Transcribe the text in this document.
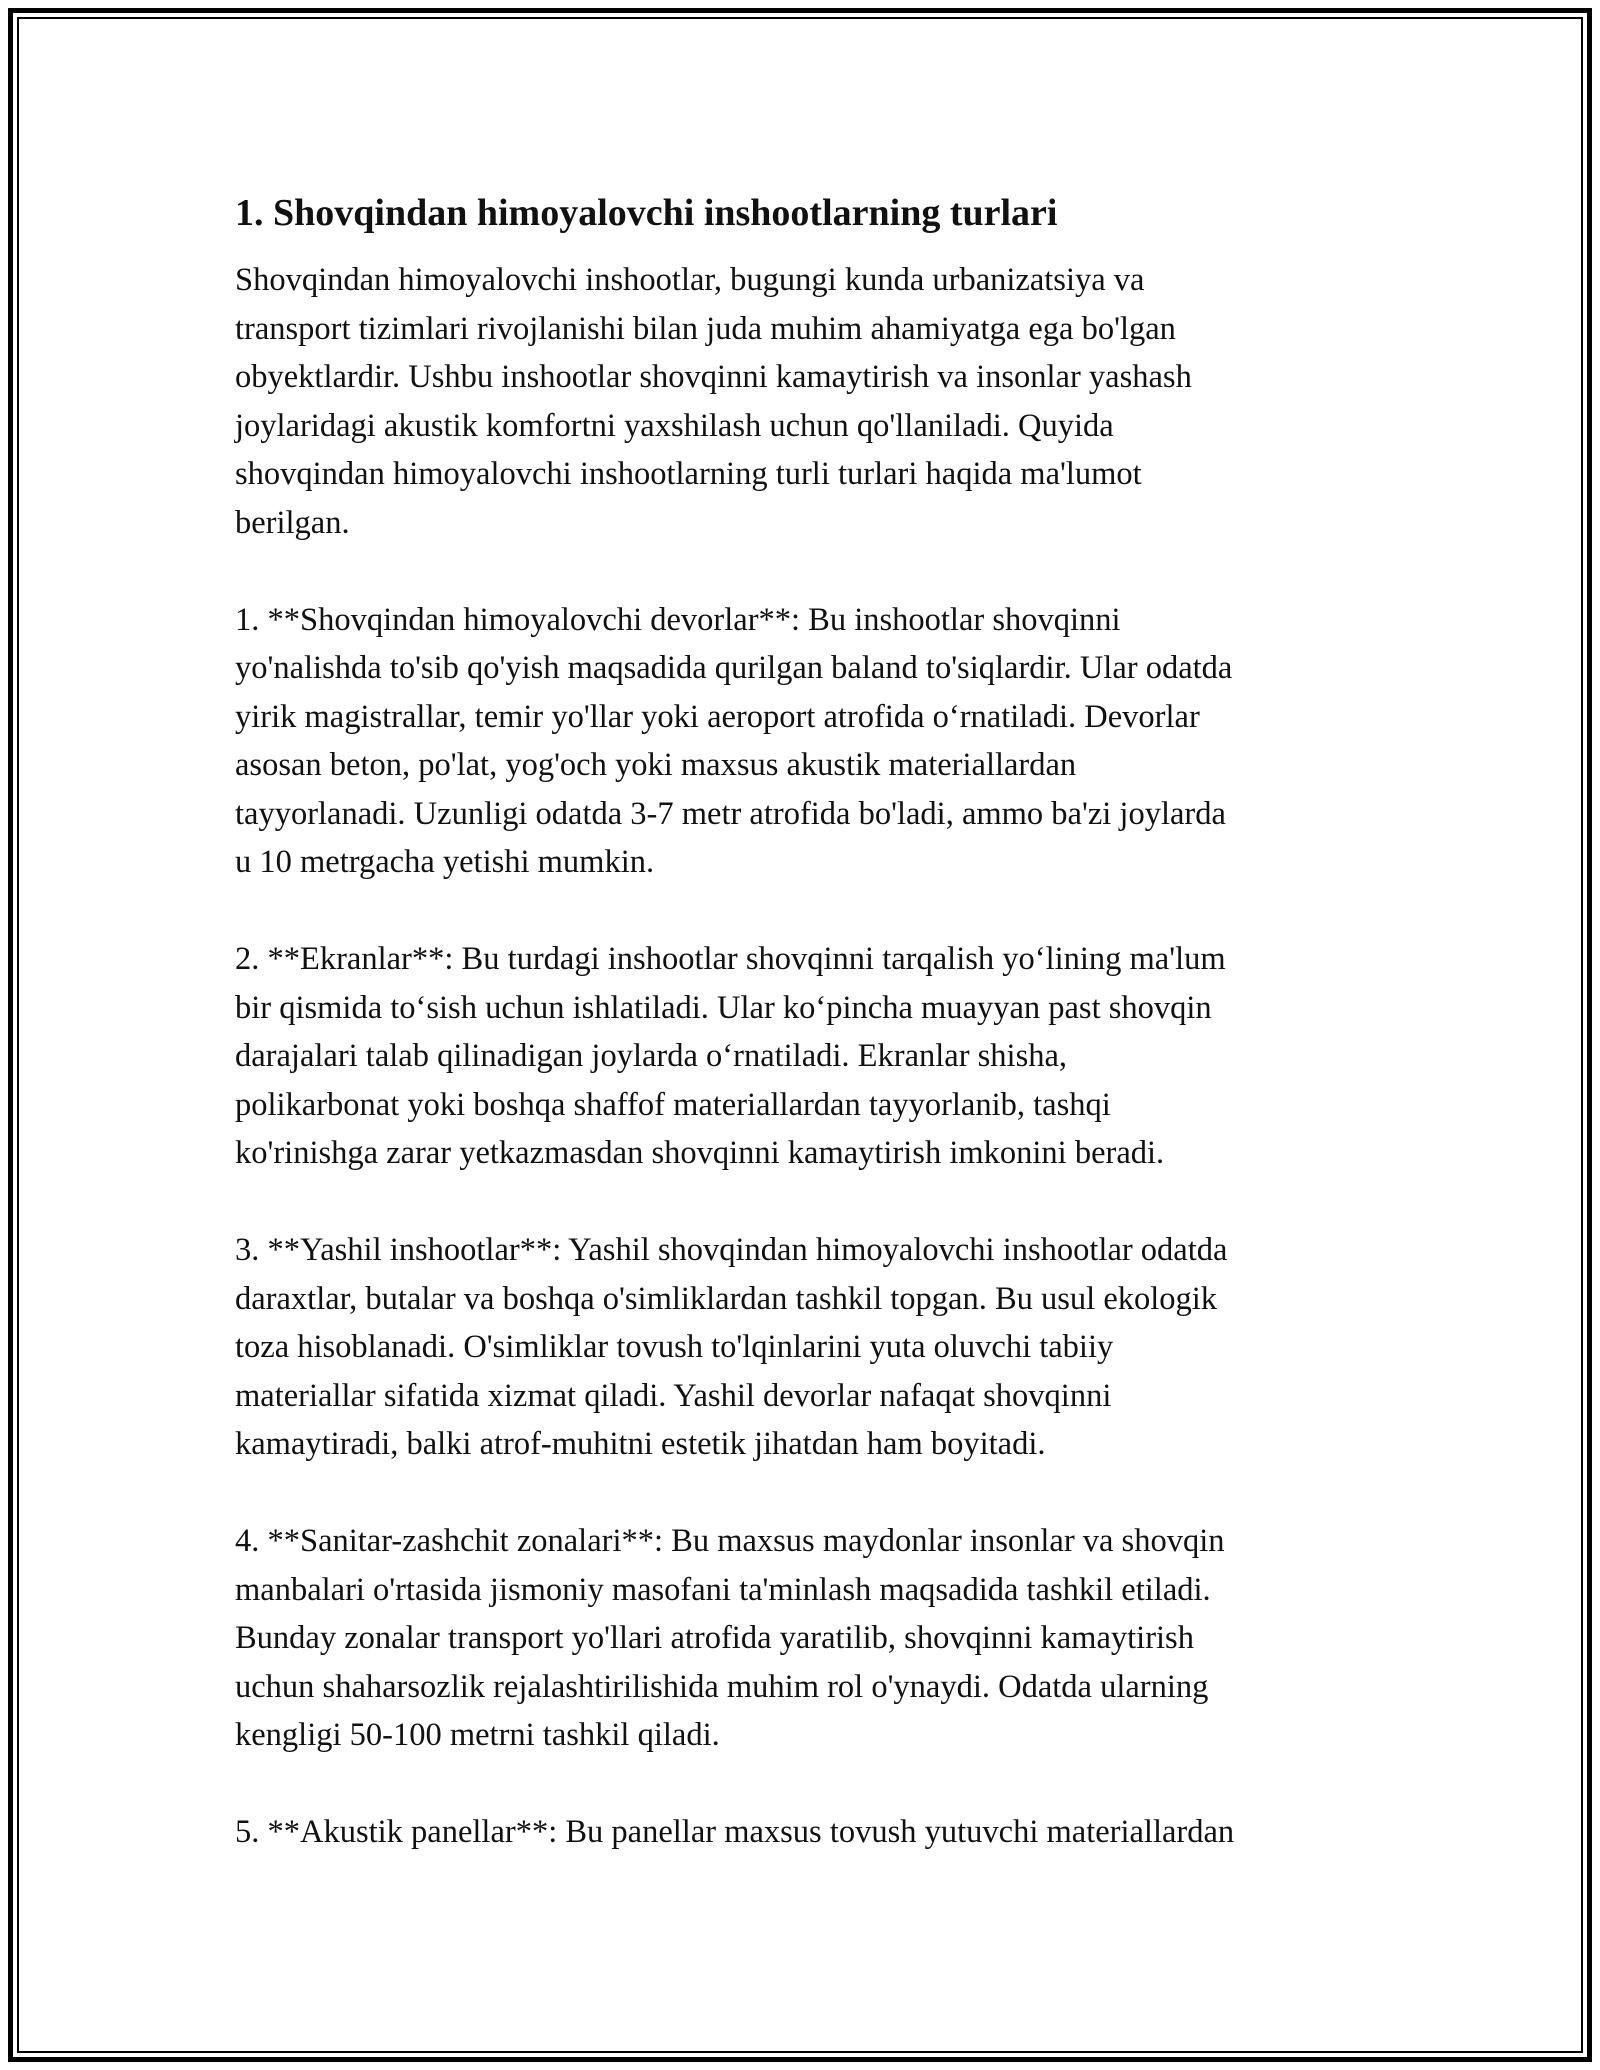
1. Shovqindan himoyalovchi inshootlarning turlari

Shovqindan himoyalovchi inshootlar, bugungi kunda urbanizatsiya va
transport tizimlari rivojlanishi bilan juda muhim ahamiyatga ega bo'lgan
obyektlardir. Ushbu inshootlar shovqinni kamaytirish va insonlar yashash
joylaridagi akustik komfortni yaxshilash uchun qo'llaniladi. Quyida
shovqindan himoyalovchi inshootlarning turli turlari haqida ma'lumot
berilgan.

1. **Shovqindan himoyalovchi devorlar**: Bu inshootlar shovqinni
yo'nalishda to'sib qo'yish maqsadida qurilgan baland to'siqlardir. Ular odatda
yirik magistrallar, temir yo'llar yoki aeroport atrofida o‘rnatiladi. Devorlar
asosan beton, po'lat, yog'och yoki maxsus akustik materiallardan
tayyorlanadi. Uzunligi odatda 3-7 metr atrofida bo'ladi, ammo ba'zi joylarda
u 10 metrgacha yetishi mumkin.

2. **Ekranlar**: Bu turdagi inshootlar shovqinni tarqalish yo‘lining ma'lum
bir qismida to‘sish uchun ishlatiladi. Ular ko‘pincha muayyan past shovqin
darajalari talab qilinadigan joylarda o‘rnatiladi. Ekranlar shisha,
polikarbonat yoki boshqa shaffof materiallardan tayyorlanib, tashqi
ko'rinishga zarar yetkazmasdan shovqinni kamaytirish imkonini beradi.

3. **Yashil inshootlar**: Yashil shovqindan himoyalovchi inshootlar odatda
daraxtlar, butalar va boshqa o'simliklardan tashkil topgan. Bu usul ekologik
toza hisoblanadi. O'simliklar tovush to'lqinlarini yuta oluvchi tabiiy
materiallar sifatida xizmat qiladi. Yashil devorlar nafaqat shovqinni
kamaytiradi, balki atrof-muhitni estetik jihatdan ham boyitadi.

4. **Sanitar-zashchit zonalari**: Bu maxsus maydonlar insonlar va shovqin
manbalari o'rtasida jismoniy masofani ta'minlash maqsadida tashkil etiladi.
Bunday zonalar transport yo'llari atrofida yaratilib, shovqinni kamaytirish
uchun shaharsozlik rejalashtirilishida muhim rol o'ynaydi. Odatda ularning
kengligi 50-100 metrni tashkil qiladi.

5. **Akustik panellar**: Bu panellar maxsus tovush yutuvchi materiallardan
